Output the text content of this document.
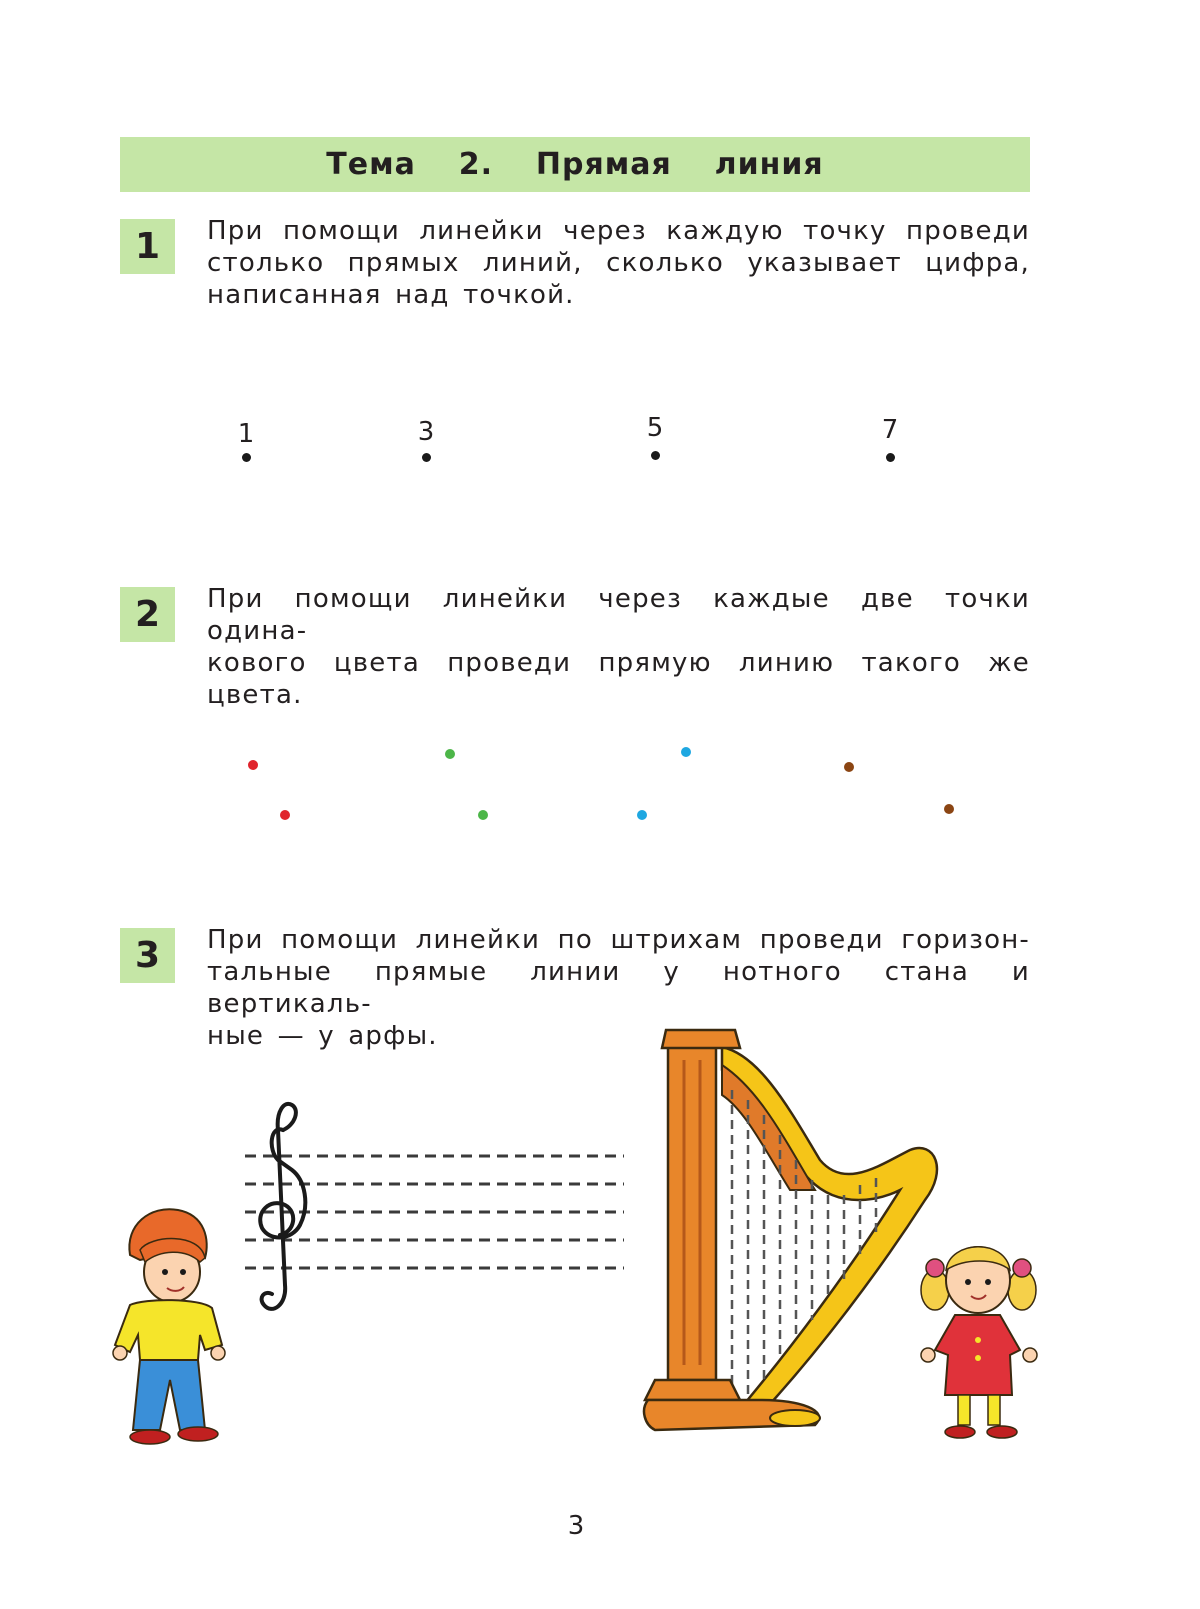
Тема  2.  Прямая  линия
1	При помощи линейки через каждую точку проведи
столько прямых линий, сколько указывает цифра,
написанная над точкой.
1	3	5	7
2	При помощи линейки через каждые две точки одина-
кового цвета проведи прямую линию такого же цвета.
3	При помощи линейки по штрихам проведи горизон-
тальные прямые линии у нотного стана и вертикаль-
ные — у арфы.
3
